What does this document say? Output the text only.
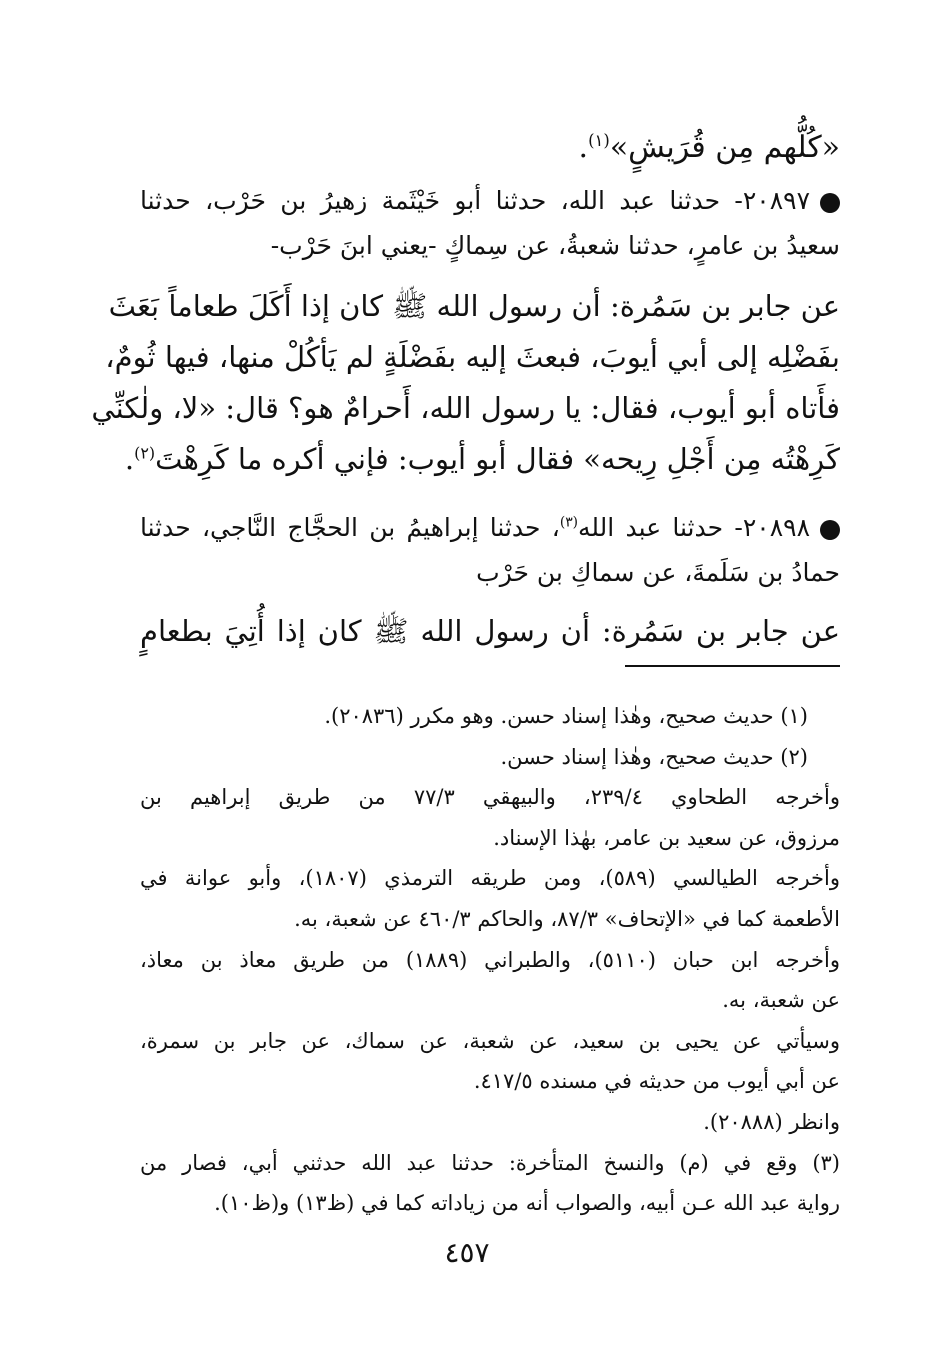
«كُلُّهم مِن قُرَيشٍ»$^{(١)}$.
٢٠٨٩٧- حدثنا عبد الله، حدثنا أبو خَيْثَمة زهيرُ بن حَرْب، حدثنا
سعيدُ بن عامرٍ، حدثنا شعبةُ، عن سِماكٍ -يعني ابنَ حَرْب-
عن جابر بن سَمُرة: أن رسول الله ﷺ كان إذا أَكَلَ طعاماً بَعَثَ
بفَضْلِه إلى أبي أيوبَ، فبعثَ إليه بفَضْلَةٍ لم يَأكُلْ منها، فيها ثُومٌ،
فأَتاه أبو أيوب، فقال: يا رسول الله، أَحرامٌ هو؟ قال: «لا، ولٰكنِّي
كَرِهْتُه مِن أَجْلِ رِيحه» فقال أبو أيوب: فإني أكره ما كَرِهْتَ$^{(٢)}$.
٢٠٨٩٨- حدثنا عبد الله$^{(٣)}$، حدثنا إبراهيمُ بن الحجَّاج النَّاجي، حدثنا
حمادُ بن سَلَمةَ، عن سماكِ بن حَرْب
عن جابر بن سَمُرة: أن رسول الله ﷺ كان إذا أُتِيَ بطعامٍ
(١) حديث صحيح، وهٰذا إسناد حسن. وهو مكرر (٢٠٨٣٦).
(٢) حديث صحيح، وهٰذا إسناد حسن.
وأخرجه الطحاوي ٢٣٩/٤، والبيهقي ٧٧/٣ من طريق إبراهيم بن
مرزوق، عن سعيد بن عامر، بهٰذا الإسناد.
وأخرجه الطيالسي (٥٨٩)، ومن طريقه الترمذي (١٨٠٧)، وأبو عوانة في
الأطعمة كما في «الإتحاف» ٨٧/٣، والحاكم ٤٦٠/٣ عن شعبة، به.
وأخرجه ابن حبان (٥١١٠)، والطبراني (١٨٨٩) من طريق معاذ بن معاذ،
عن شعبة، به.
وسيأتي عن يحيى بن سعيد، عن شعبة، عن سماك، عن جابر بن سمرة،
عن أبي أيوب من حديثه في مسنده ٤١٧/٥.
وانظر (٢٠٨٨٨).
(٣) وقع في (م) والنسخ المتأخرة: حدثنا عبد الله حدثني أبي، فصار من
رواية عبد الله عـن أبيه، والصواب أنه من زياداته كما في (ظ١٣) و(ظ١٠).
٤٥٧
